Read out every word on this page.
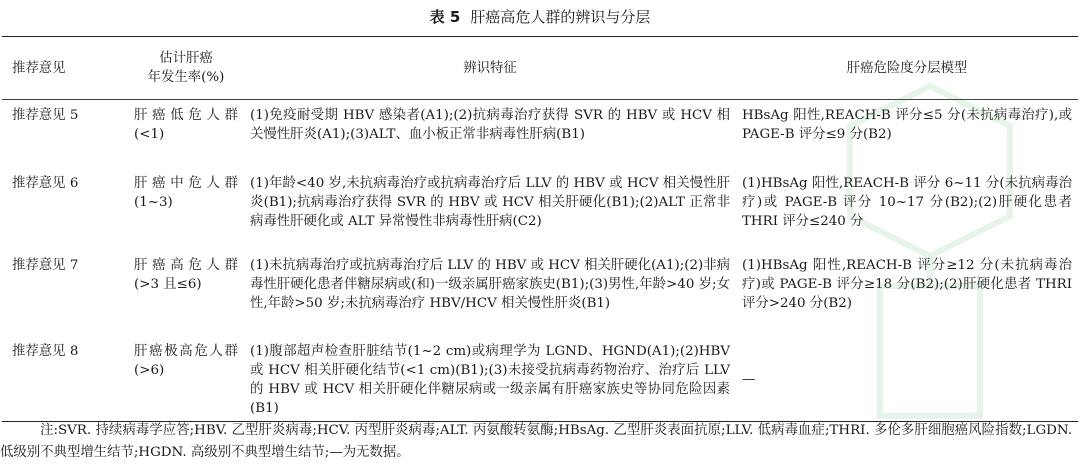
表 5 肝癌高危人群的辨识与分层
推荐意见	估计肝癌
年发生率(%)	辨识特征	肝癌危险度分层模型
推荐意见 5	肝癌低危人群(<1)	(1)免疫耐受期 HBV 感染者(A1);(2)抗病毒治疗获得 SVR 的 HBV 或 HCV 相关慢性肝炎(A1);(3)ALT、血小板正常非病毒性肝病(B1)	HBsAg 阳性,REACH-B 评分≤5 分(未抗病毒治疗),或 PAGE-B 评分≤9 分(B2)
推荐意见 6	肝癌中危人群(1~3)	(1)年龄<40 岁,未抗病毒治疗或抗病毒治疗后 LLV 的 HBV 或 HCV 相关慢性肝炎(B1);抗病毒治疗获得 SVR 的 HBV 或 HCV 相关肝硬化(B1);(2)ALT 正常非病毒性肝硬化或 ALT 异常慢性非病毒性肝病(C2)	(1)HBsAg 阳性,REACH-B 评分 6~11 分(未抗病毒治疗)或 PAGE-B 评分 10~17 分(B2);(2)肝硬化患者 THRI 评分≤240 分
推荐意见 7	肝癌高危人群(>3 且≤6)	(1)未抗病毒治疗或抗病毒治疗后 LLV 的 HBV 或 HCV 相关肝硬化(A1);(2)非病毒性肝硬化患者伴糖尿病或(和)一级亲属肝癌家族史(B1);(3)男性,年龄>40 岁;女性,年龄>50 岁;未抗病毒治疗 HBV/HCV 相关慢性肝炎(B1)	(1)HBsAg 阳性,REACH-B 评分≥12 分(未抗病毒治疗)或 PAGE-B 评分≥18 分(B2);(2)肝硬化患者 THRI 评分>240 分(B2)
推荐意见 8	肝癌极高危人群(>6)	(1)腹部超声检查肝脏结节(1~2 cm)或病理学为 LGND、HGND(A1);(2)HBV 或 HCV 相关肝硬化结节(<1 cm)(B1);(3)未接受抗病毒药物治疗、治疗后 LLV 的 HBV 或 HCV 相关肝硬化伴糖尿病或一级亲属有肝癌家族史等协同危险因素(B1)	—
注:SVR. 持续病毒学应答;HBV. 乙型肝炎病毒;HCV. 丙型肝炎病毒;ALT. 丙氨酸转氨酶;HBsAg. 乙型肝炎表面抗原;LLV. 低病毒血症;THRI. 多伦多肝细胞癌风险指数;LGDN. 低级别不典型增生结节;HGDN. 高级别不典型增生结节;—为无数据。
